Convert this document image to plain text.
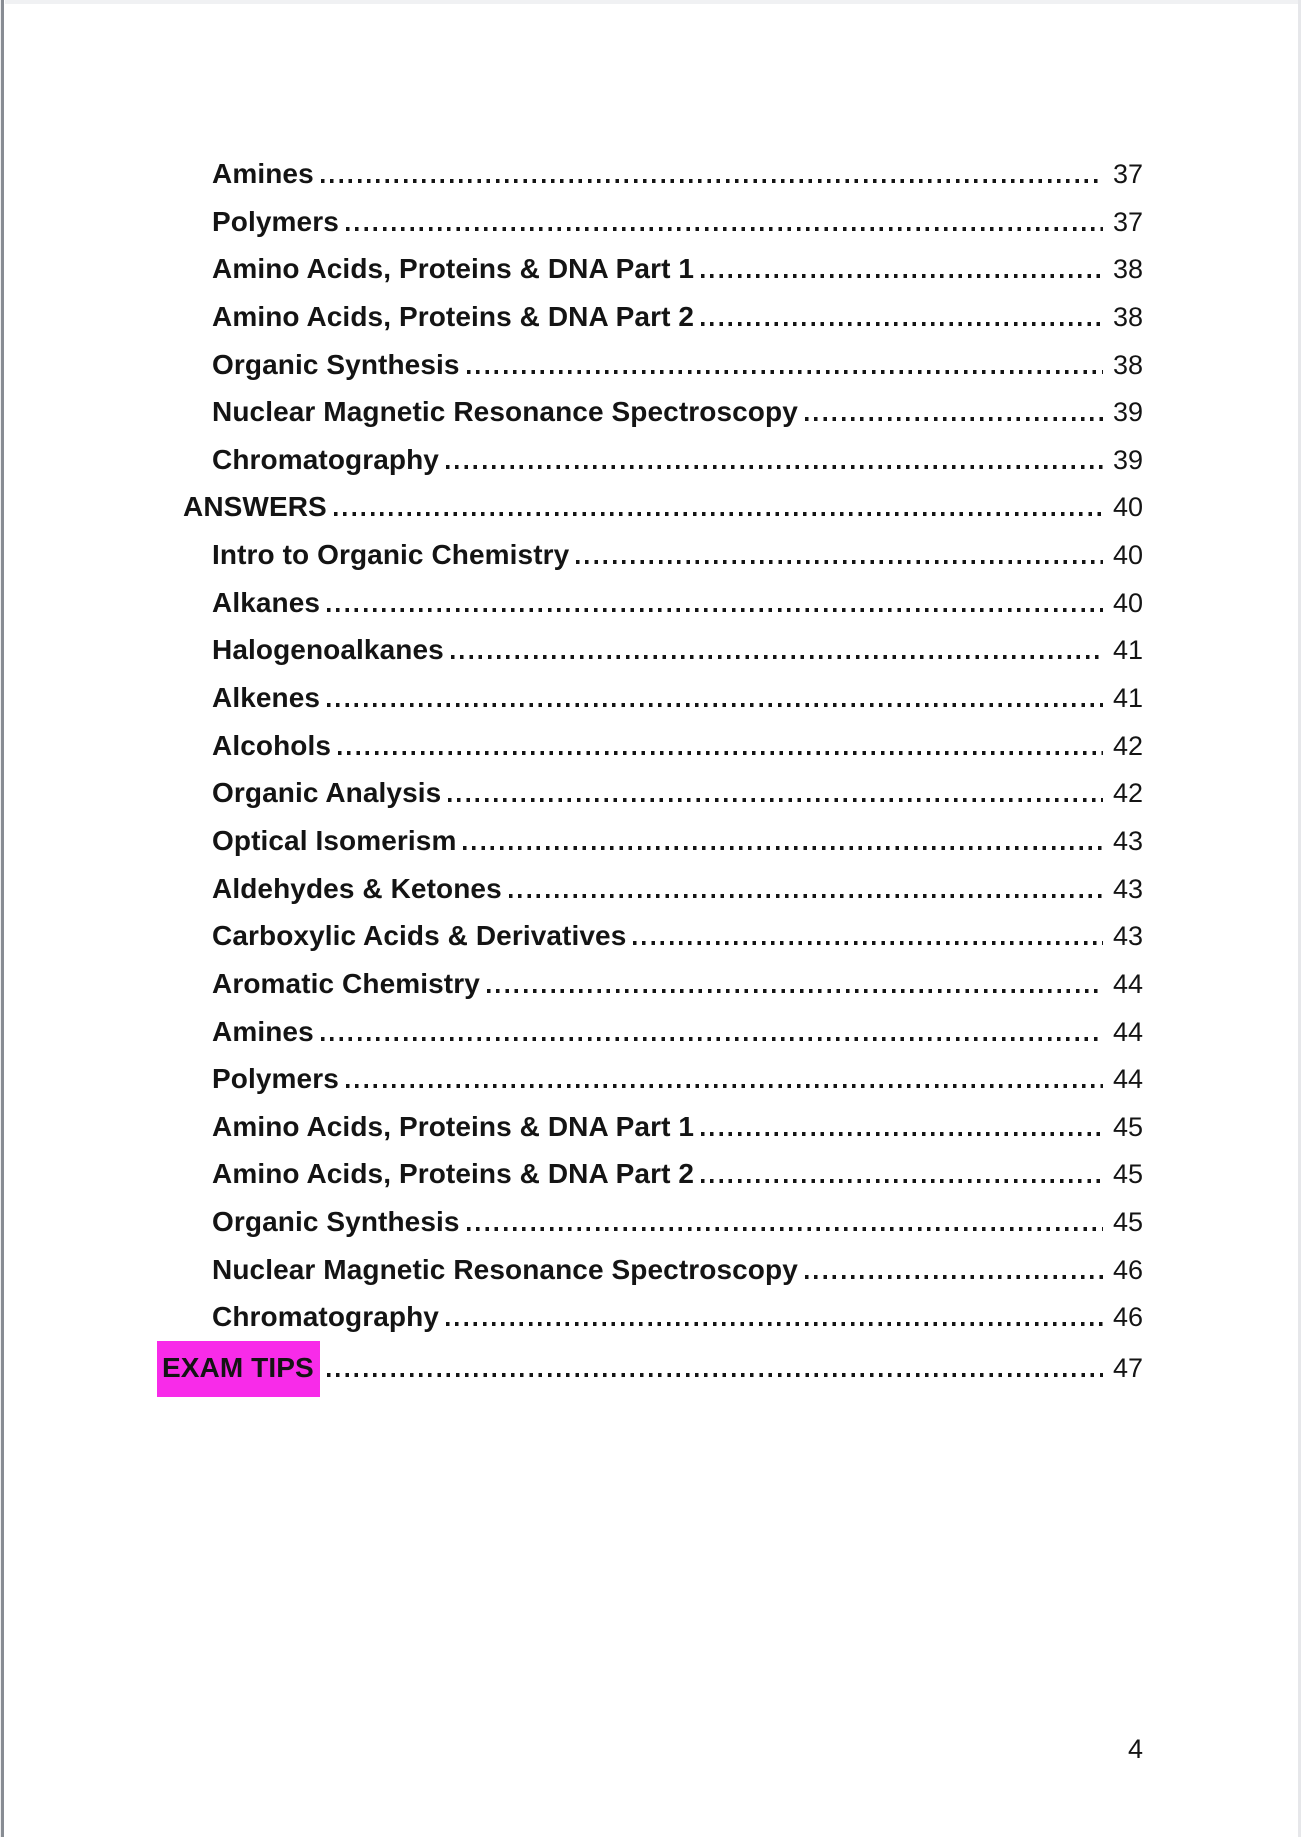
Amines	37
Polymers	37
Amino Acids, Proteins & DNA Part 1	38
Amino Acids, Proteins & DNA Part 2	38
Organic Synthesis	38
Nuclear Magnetic Resonance Spectroscopy	39
Chromatography	39
ANSWERS	40
Intro to Organic Chemistry	40
Alkanes	40
Halogenoalkanes	41
Alkenes	41
Alcohols	42
Organic Analysis	42
Optical Isomerism	43
Aldehydes & Ketones	43
Carboxylic Acids & Derivatives	43
Aromatic Chemistry	44
Amines	44
Polymers	44
Amino Acids, Proteins & DNA Part 1	45
Amino Acids, Proteins & DNA Part 2	45
Organic Synthesis	45
Nuclear Magnetic Resonance Spectroscopy	46
Chromatography	46
EXAM TIPS	47
4
